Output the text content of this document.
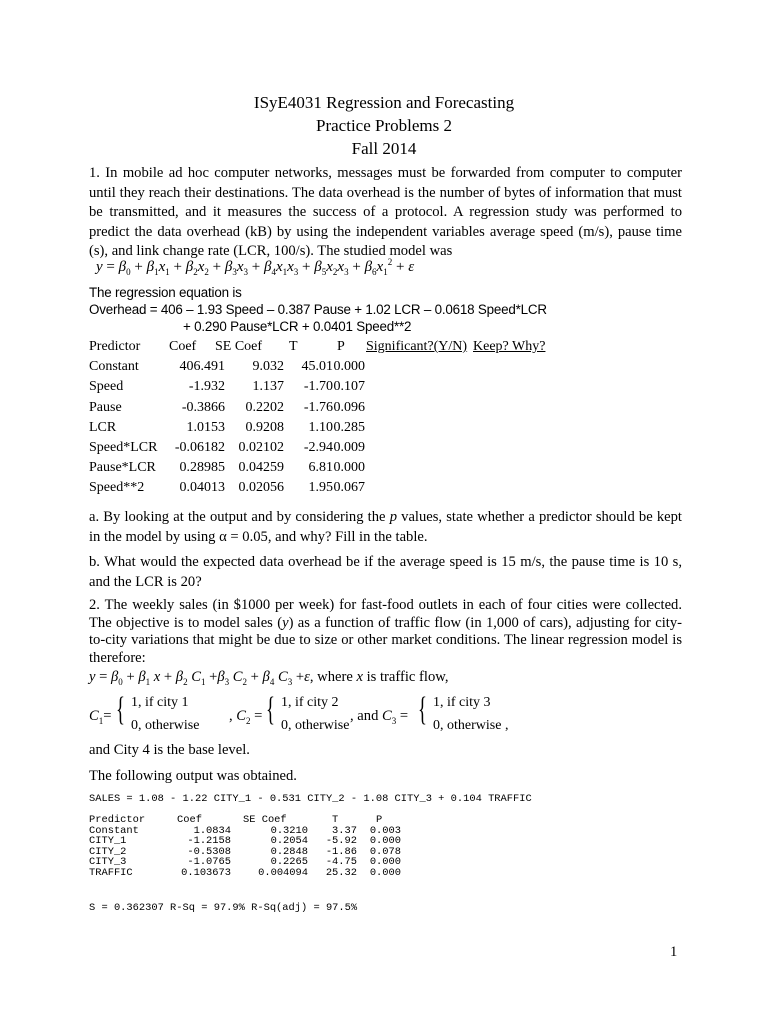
ISyE4031 Regression and Forecasting
Practice Problems 2
Fall 2014
1. In mobile ad hoc computer networks, messages must be forwarded from computer to computer until they reach their destinations. The data overhead is the number of bytes of information that must be transmitted, and it measures the success of a protocol. A regression study was performed to predict the data overhead (kB) by using the independent variables average speed (m/s), pause time (s), and link change rate (LCR, 100/s). The studied model was
$y = \beta_0 + \beta_1x_1 + \beta_2x_2 + \beta_3x_3 + \beta_4x_1x_3 + \beta_5x_2x_3 + \beta_6x_1^2 + \varepsilon$
The regression equation is
Overhead = 406 – 1.93 Speed – 0.387 Pause + 1.02 LCR – 0.0618 Speed*LCR
+ 0.290 Pause*LCR + 0.0401 Speed**2
Predictor Coef SE Coef T	P Significant?(Y/N) Keep? Why?
Constant	406.491	9.032	45.01 0.000
Speed	-1.932	1.137	-1.70 0.107
Pause	-0.3866	0.2202	-1.76 0.096
LCR	1.0153	0.9208	1.10 0.285
Speed*LCR	-0.06182 0.02102	-2.94 0.009
Pause*LCR	0.28985 0.04259	6.81 0.000
Speed**2	0.04013 0.02056	1.95 0.067
a. By looking at the output and by considering the p values, state whether a predictor should be kept in the model by using α = 0.05, and why? Fill in the table.
b. What would the expected data overhead be if the average speed is 15 m/s, the pause time is 10 s, and the LCR is 20?
2. The weekly sales (in $1000 per week) for fast-food outlets in each of four cities were collected. The objective is to model sales (y) as a function of traffic flow (in 1,000 of cars), adjusting for city-to-city variations that might be due to size or other market conditions. The linear regression model is therefore:
$y = \beta_0 + \beta_1$ $x + \beta_2$ $C_1 +\beta_3$ $C_2 + \beta_4$ $C_3 +\varepsilon$, where x is traffic flow,
$C_1=$ { 1, if city 1
0, otherwise
, $C_2$ = { 1, if city 2
0, otherwise
, and $C_3$ = { 1, if city 3
0, otherwise ,
and City 4 is the base level.
The following output was obtained.
SALES = 1.08 - 1.22 CITY_1 - 0.531 CITY_2 - 1.08 CITY_3 + 0.104 TRAFFIC
Predictor	Coef	SE Coef	T	P
Constant	1.0834	0.3210	3.37	0.003
CITY_1	-1.2158	0.2054	-5.92	0.000
CITY_2	-0.5308	0.2848	-1.86	0.078
CITY_3	-1.0765	0.2265	-4.75	0.000
TRAFFIC	0.103673	0.004094	25.32	0.000
S = 0.362307 R-Sq = 97.9% R-Sq(adj) = 97.5%
1
